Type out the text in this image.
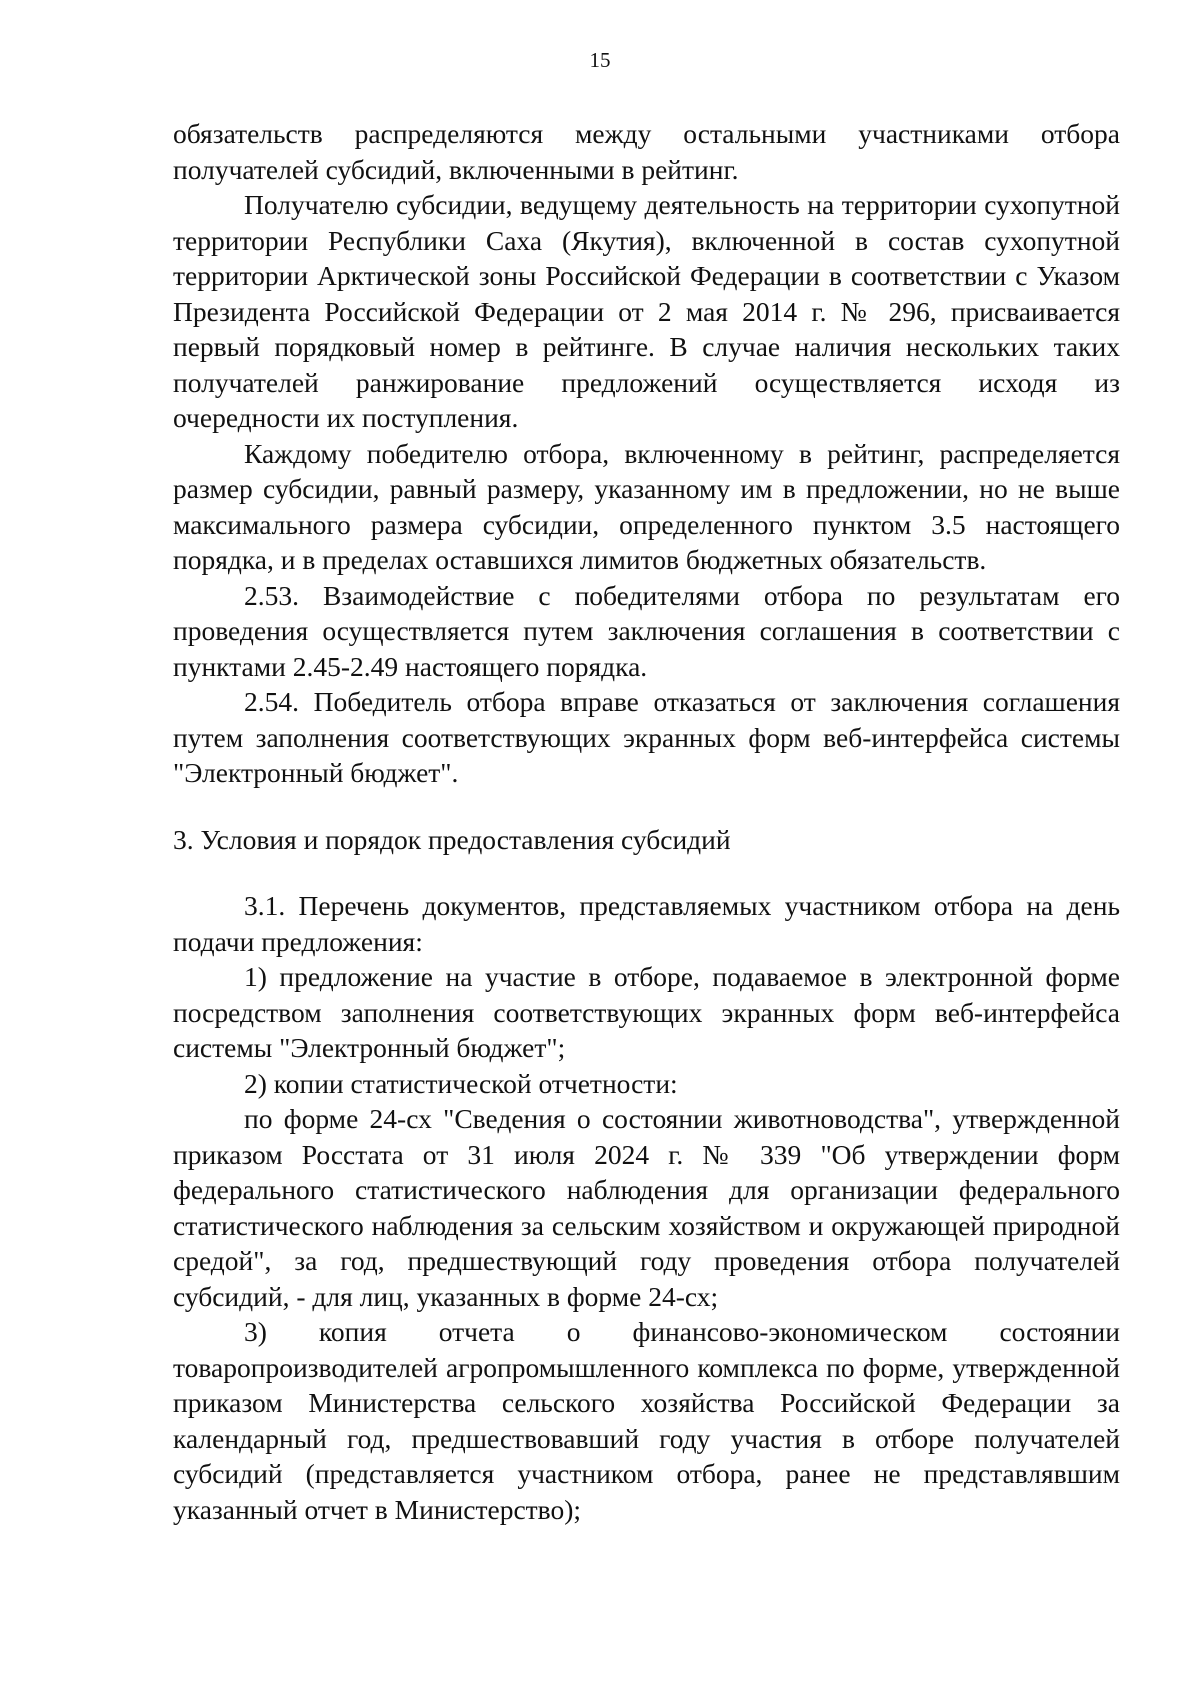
15

обязательств распределяются между остальными участниками отбора получателей субсидий, включенными в рейтинг.

Получателю субсидии, ведущему деятельность на территории сухопутной территории Республики Саха (Якутия), включенной в состав сухопутной территории Арктической зоны Российской Федерации в соответствии с Указом Президента Российской Федерации от 2 мая 2014 г. № 296, присваивается первый порядковый номер в рейтинге. В случае наличия нескольких таких получателей ранжирование предложений осуществляется исходя из очередности их поступления.

Каждому победителю отбора, включенному в рейтинг, распределяется размер субсидии, равный размеру, указанному им в предложении, но не выше максимального размера субсидии, определенного пунктом 3.5 настоящего порядка, и в пределах оставшихся лимитов бюджетных обязательств.

2.53. Взаимодействие с победителями отбора по результатам его проведения осуществляется путем заключения соглашения в соответствии с пунктами 2.45-2.49 настоящего порядка.

2.54. Победитель отбора вправе отказаться от заключения соглашения путем заполнения соответствующих экранных форм веб-интерфейса системы "Электронный бюджет".

3. Условия и порядок предоставления субсидий

3.1. Перечень документов, представляемых участником отбора на день подачи предложения:

1) предложение на участие в отборе, подаваемое в электронной форме посредством заполнения соответствующих экранных форм веб-интерфейса системы "Электронный бюджет";

2) копии статистической отчетности:

по форме 24-сх "Сведения о состоянии животноводства", утвержденной приказом Росстата от 31 июля 2024 г. № 339 "Об утверждении форм федерального статистического наблюдения для организации федерального статистического наблюдения за сельским хозяйством и окружающей природной средой", за год, предшествующий году проведения отбора получателей субсидий, - для лиц, указанных в форме 24-сх;

3) копия отчета о финансово-экономическом состоянии товаропроизводителей агропромышленного комплекса по форме, утвержденной приказом Министерства сельского хозяйства Российской Федерации за календарный год, предшествовавший году участия в отборе получателей субсидий (представляется участником отбора, ранее не представлявшим указанный отчет в Министерство);
